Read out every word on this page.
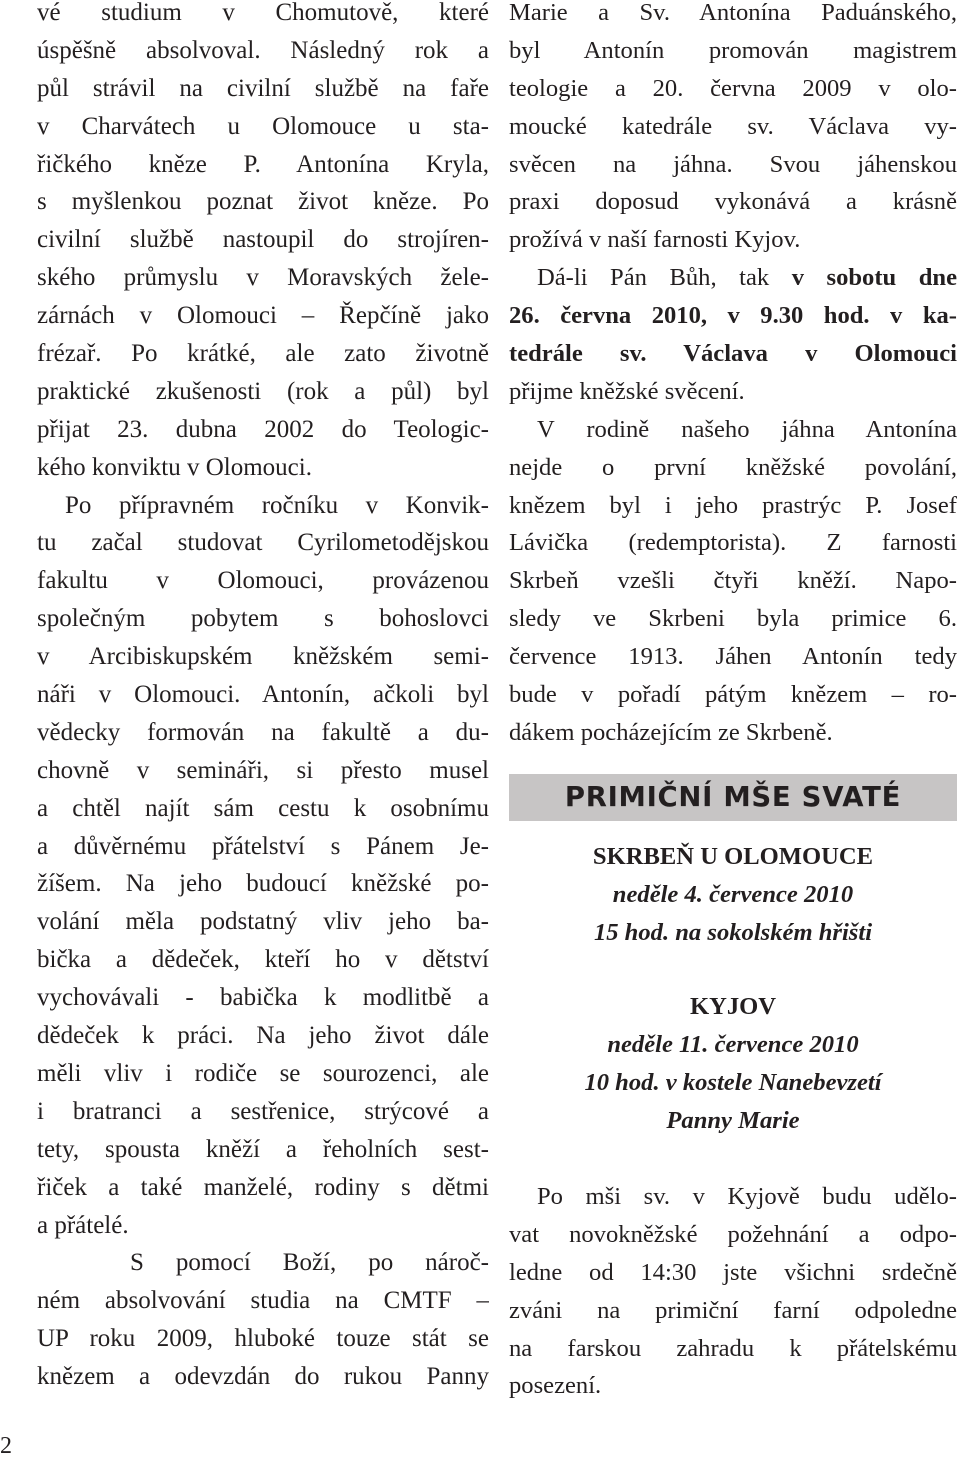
vé studium v Chomutově, které
úspěšně absolvoval. Následný rok a
půl strávil na civilní službě na faře
v Charvátech u Olomouce u sta-
řičkého kněze P. Antonína Kryla,
s myšlenkou poznat život kněze. Po
civilní službě nastoupil do strojíren-
ského průmyslu v Moravských žele-
zárnách v Olomouci – Řepčíně jako
frézař. Po krátké, ale zato životně
praktické zkušenosti (rok a půl) byl
přijat 23. dubna 2002 do Teologic-
kého konviktu v Olomouci.
Po přípravném ročníku v Konvik-
tu začal studovat Cyrilometodějskou
fakultu v Olomouci, provázenou
společným pobytem s bohoslovci
v Arcibiskupském kněžském semi-
náři v Olomouci. Antonín, ačkoli byl
vědecky formován na fakultě a du-
chovně v semináři, si přesto musel
a chtěl najít sám cestu k osobnímu
a důvěrnému přátelství s Pánem Je-
žíšem. Na jeho budoucí kněžské po-
volání měla podstatný vliv jeho ba-
bička a dědeček, kteří ho v dětství
vychovávali - babička k modlitbě a
dědeček k práci. Na jeho život dále
měli vliv i rodiče se sourozenci, ale
i bratranci a sestřenice, strýcové a
tety, spousta kněží a řeholních sest-
řiček a také manželé, rodiny s dětmi
a přátelé.
S pomocí Boží, po nároč-
ném absolvování studia na CMTF –
UP roku 2009, hluboké touze stát se
knězem a odevzdán do rukou Panny
Marie a Sv. Antonína Paduánského,
byl Antonín promován magistrem
teologie a 20. června 2009 v olo-
moucké katedrále sv. Václava vy-
svěcen na jáhna. Svou jáhenskou
praxi doposud vykonává a krásně
prožívá v naší farnosti Kyjov.
Dá-li Pán Bůh, tak v sobotu dne
26. června 2010, v 9.30 hod. v ka-
tedrále sv. Václava v Olomouci
přijme kněžské svěcení.
V rodině našeho jáhna Antonína
nejde o první kněžské povolání,
knězem byl i jeho prastrýc P. Josef
Lávička (redemptorista). Z farnosti
Skrbeň vzešli čtyři kněží. Napo-
sledy ve Skrbeni byla primice 6.
července 1913. Jáhen Antonín tedy
bude v pořadí pátým knězem – ro-
dákem pocházejícím ze Skrbeně.
PRIMIČNÍ MŠE SVATÉ
SKRBEŇ U OLOMOUCE
neděle 4. července 2010
15 hod. na sokolském hřišti
KYJOV
neděle 11. července 2010
10 hod. v kostele Nanebevzetí
Panny Marie
Po mši sv. v Kyjově budu udělo-
vat novokněžské požehnání a odpo-
ledne od 14:30 jste všichni srdečně
zváni na primiční farní odpoledne
na farskou zahradu k přátelskému
posezení.
2
